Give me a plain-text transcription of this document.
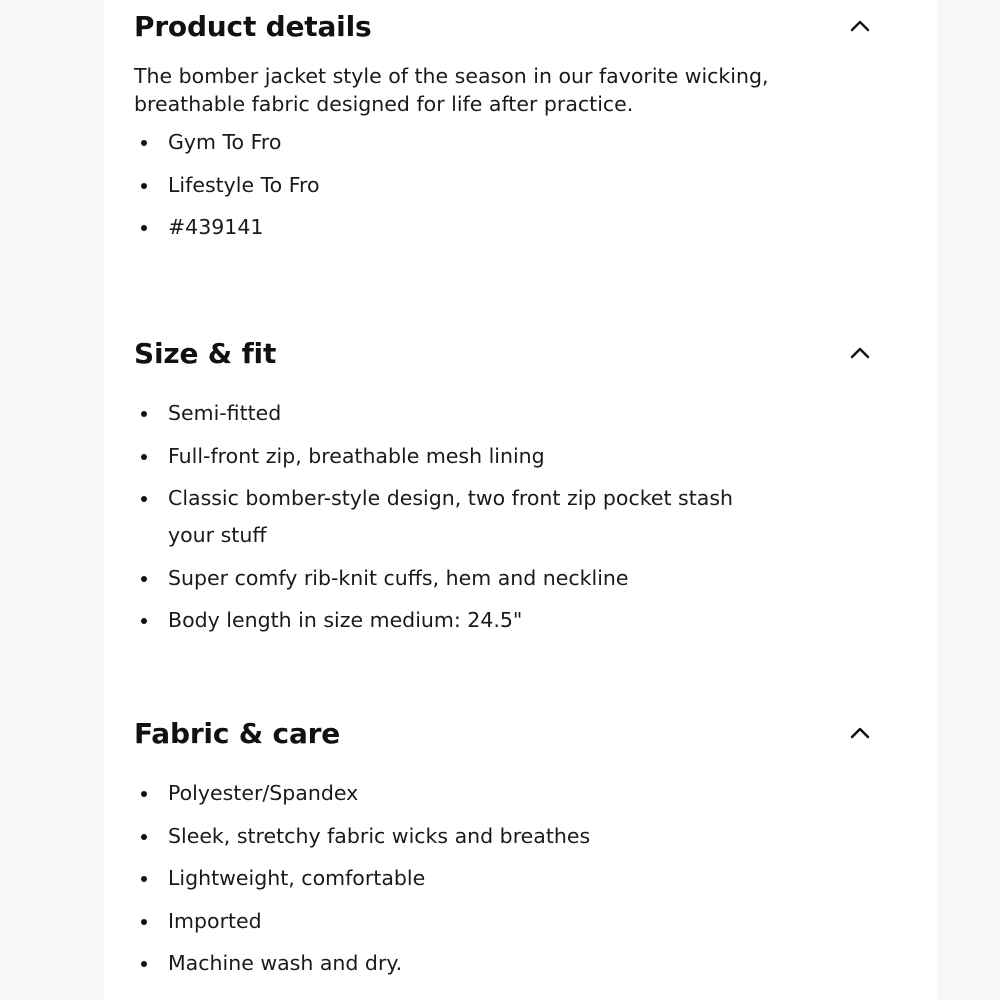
Product details
The bomber jacket style of the season in our favorite wicking, breathable fabric designed for life after practice.
Gym To Fro
Lifestyle To Fro
#439141
Size & fit
Semi-fitted
Full-front zip, breathable mesh lining
Classic bomber-style design, two front zip pocket stash your stuff
Super comfy rib-knit cuffs, hem and neckline
Body length in size medium: 24.5"
Fabric & care
Polyester/Spandex
Sleek, stretchy fabric wicks and breathes
Lightweight, comfortable
Imported
Machine wash and dry.
